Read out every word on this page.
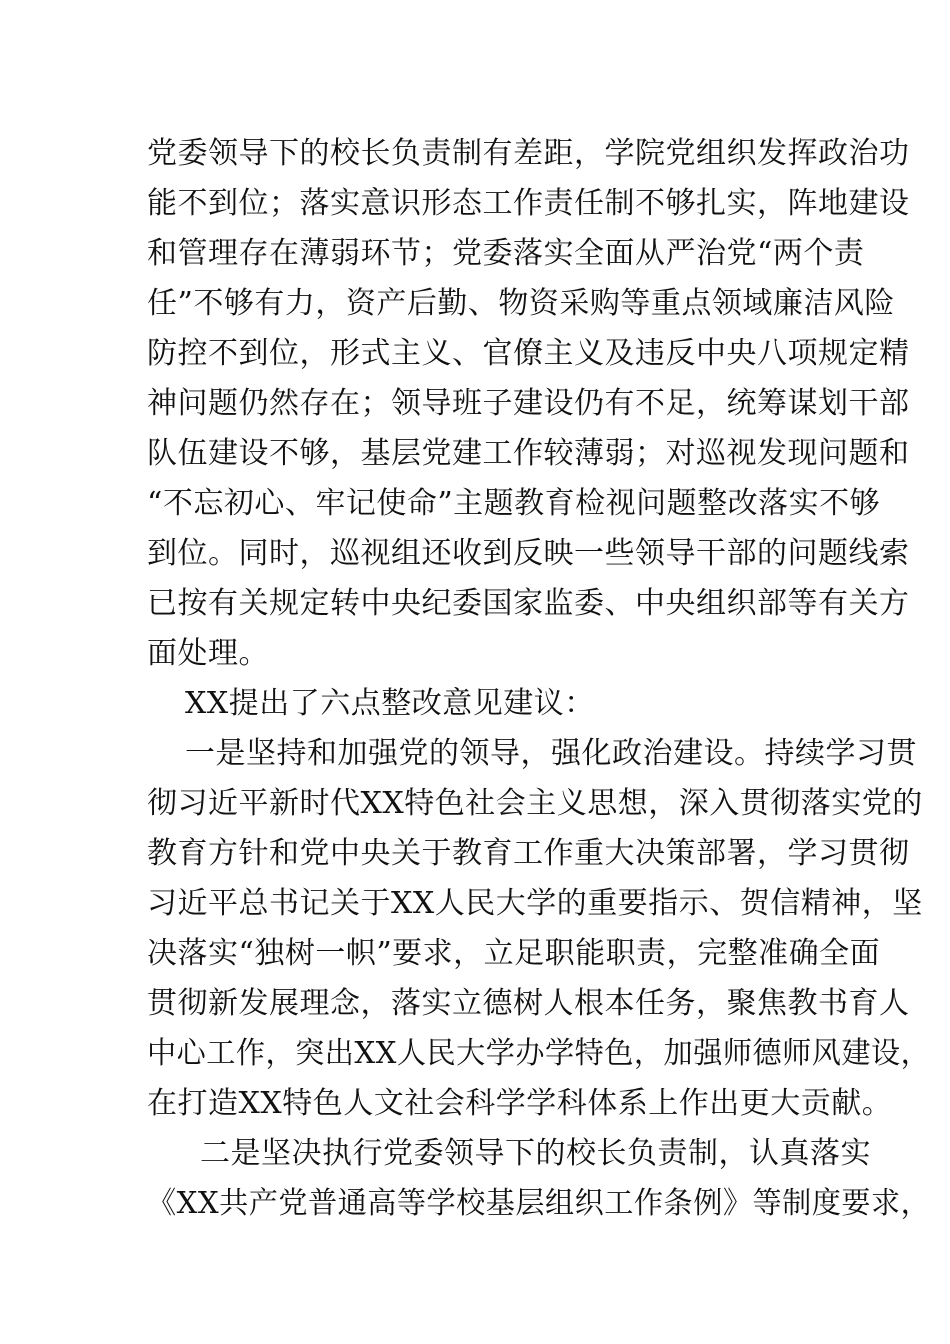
党委领导下的校长负责制有差距，学院党组织发挥政治功
能不到位；落实意识形态工作责任制不够扎实，阵地建设
和管理存在薄弱环节；党委落实全面从严治党“两个责
任”不够有力，资产后勤、物资采购等重点领域廉洁风险
防控不到位，形式主义、官僚主义及违反中央八项规定精
神问题仍然存在；领导班子建设仍有不足，统筹谋划干部
队伍建设不够，基层党建工作较薄弱；对巡视发现问题和
“不忘初心、牢记使命”主题教育检视问题整改落实不够
到位。同时，巡视组还收到反映一些领导干部的问题线索
已按有关规定转中央纪委国家监委、中央组织部等有关方
面处理。
XX提出了六点整改意见建议：
一是坚持和加强党的领导，强化政治建设。持续学习贯
彻习近平新时代XX特色社会主义思想，深入贯彻落实党的
教育方针和党中央关于教育工作重大决策部署，学习贯彻
习近平总书记关于XX人民大学的重要指示、贺信精神，坚
决落实“独树一帜”要求，立足职能职责，完整准确全面
贯彻新发展理念，落实立德树人根本任务，聚焦教书育人
中心工作，突出XX人民大学办学特色，加强师德师风建设，
在打造XX特色人文社会科学学科体系上作出更大贡献。
二是坚决执行党委领导下的校长负责制，认真落实
《XX共产党普通高等学校基层组织工作条例》等制度要求，
